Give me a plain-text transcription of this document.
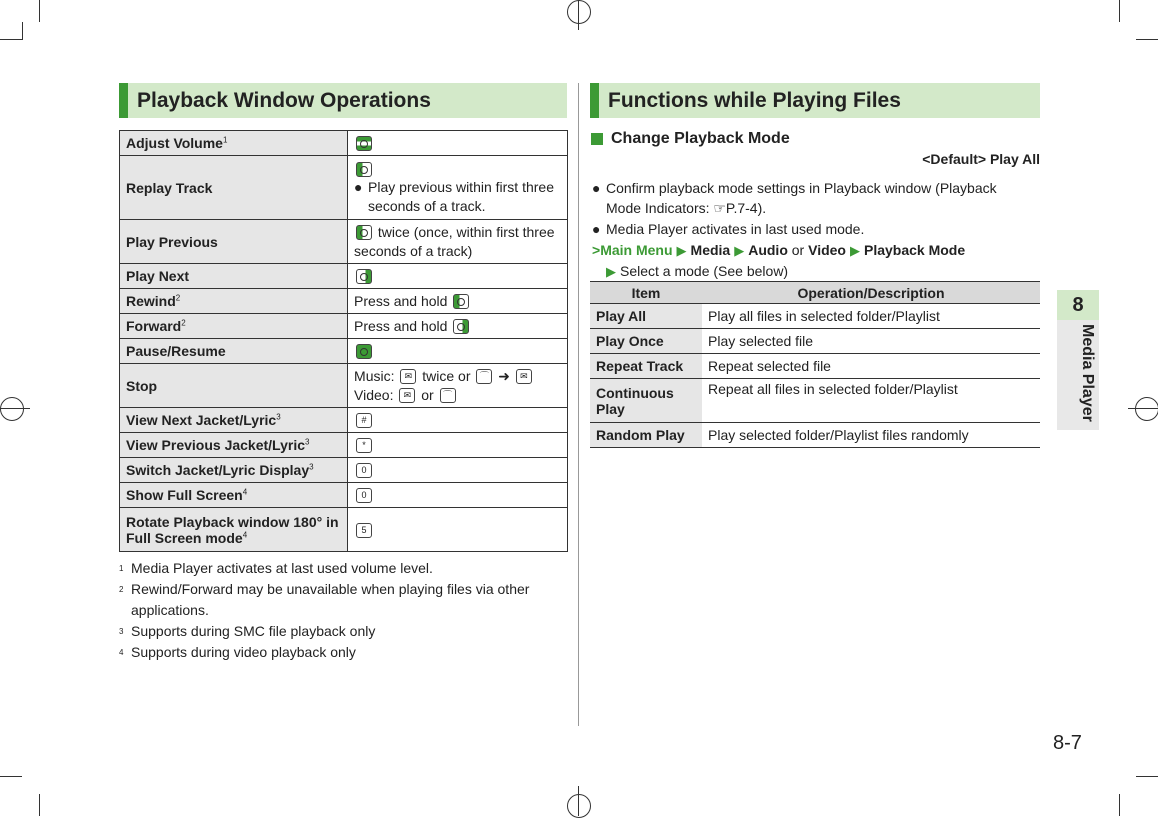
Playback Window Operations
Adjust Volume$^1$	
Replay Track	● Play previous within first three seconds of a track.

Play Previous	twice (once, within first three seconds of a track)
Play Next	
Rewind$^2$	Press and hold
Forward$^2$	Press and hold
Pause/Resume	
Stop	Music: ✉ twice or ⌒ ➜ ✉
Video: ✉ or ⌒
View Next Jacket/Lyric$^3$	#
View Previous Jacket/Lyric$^3$	*
Switch Jacket/Lyric Display$^3$	0
Show Full Screen$^4$	0
Rotate Playback window 180° in Full Screen mode$^4$	5
1 Media Player activates at last used volume level.
2 Rewind/Forward may be unavailable when playing files via other applications.
3 Supports during SMC file playback only
4 Supports during video playback only
Functions while Playing Files
Change Playback Mode
<Default> Play All
● Confirm playback mode settings in Playback window (Playback Mode Indicators: ☞P.7-4).
● Media Player activates in last used mode.
>Main Menu ▶ Media ▶ Audio or Video ▶ Playback Mode
▶ Select a mode (See below)
Item	Operation/Description
Play All	Play all files in selected folder/Playlist
Play Once	Play selected file
Repeat Track	Repeat selected file
Continuous Play	Repeat all files in selected folder/Playlist
Random Play	Play selected folder/Playlist files randomly
8
Media Player
8-7
